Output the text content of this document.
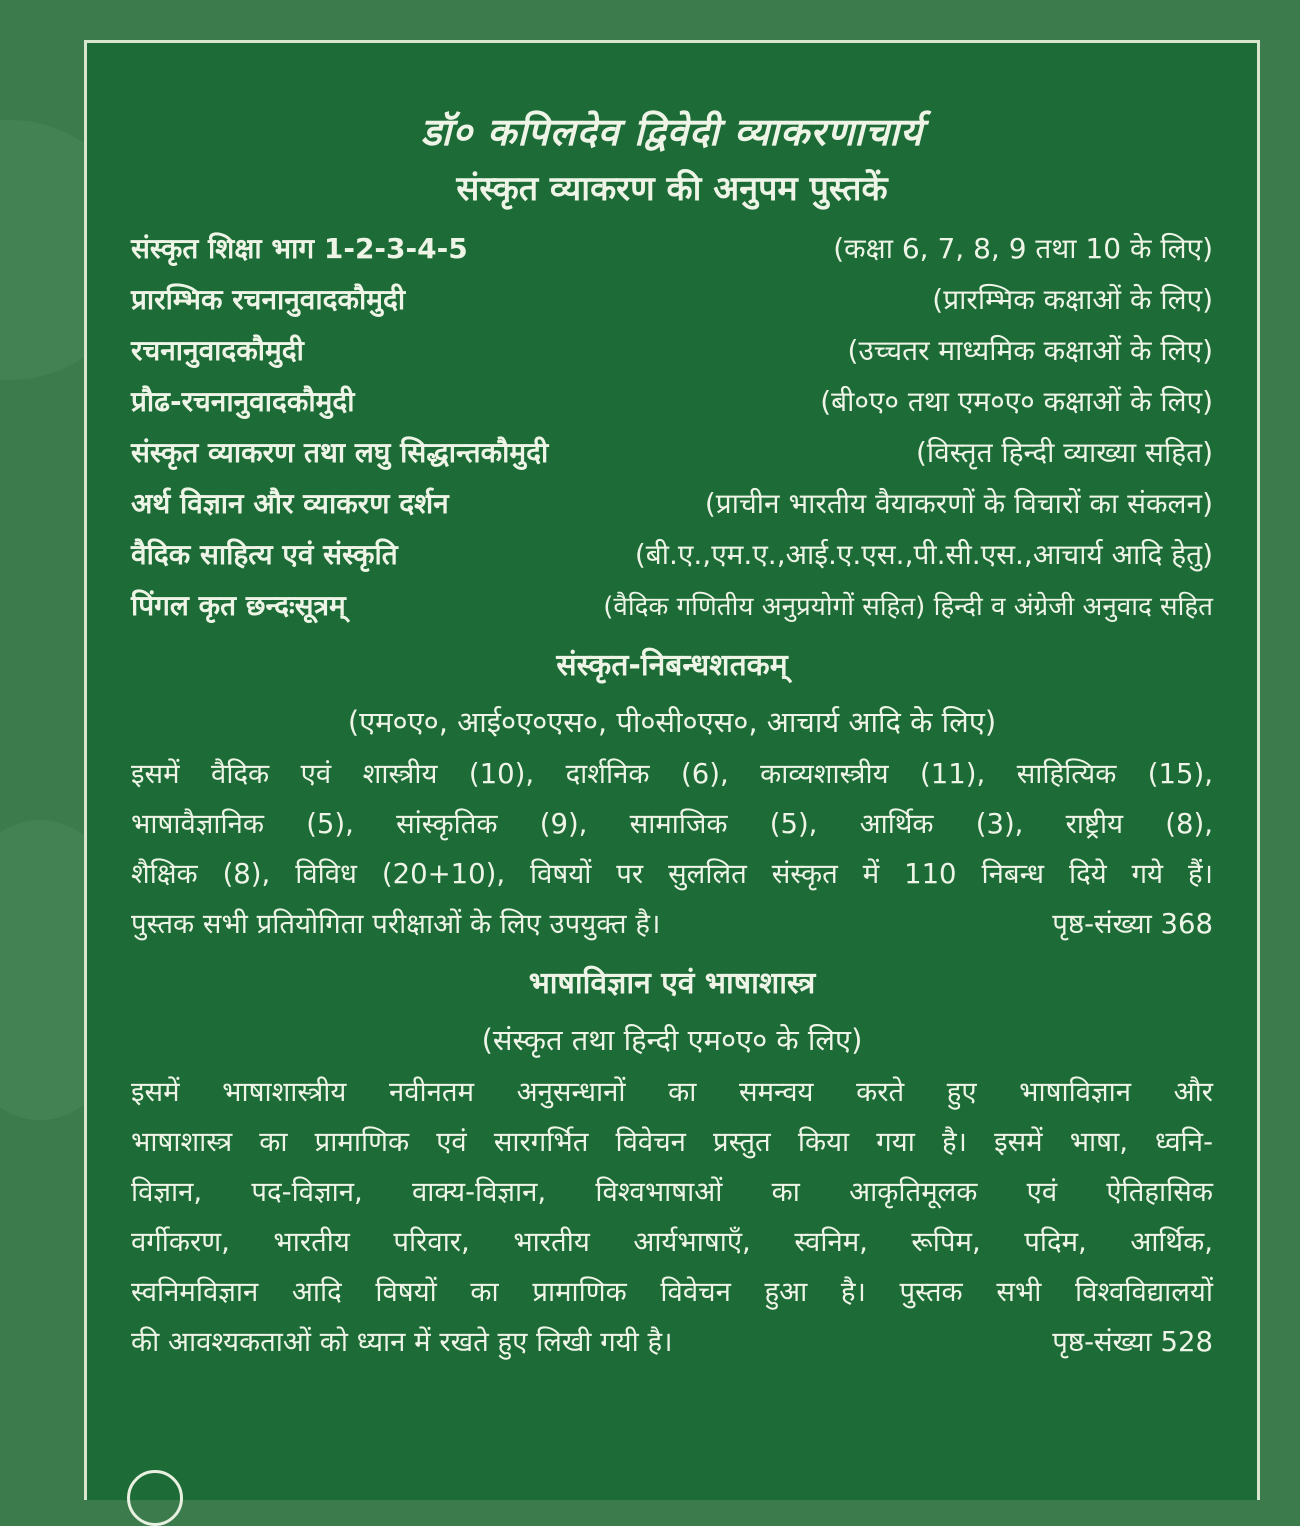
डॉ० कपिलदेव द्विवेदी व्याकरणाचार्य
संस्कृत व्याकरण की अनुपम पुस्तकें
संस्कृत शिक्षा भाग 1-2-3-4-5	(कक्षा 6, 7, 8, 9 तथा 10 के लिए)
प्रारम्भिक रचनानुवादकौमुदी	(प्रारम्भिक कक्षाओं के लिए)
रचनानुवादकौमुदी	(उच्चतर माध्यमिक कक्षाओं के लिए)
प्रौढ-रचनानुवादकौमुदी	(बी०ए० तथा एम०ए० कक्षाओं के लिए)
संस्कृत व्याकरण तथा लघु सिद्धान्तकौमुदी	(विस्तृत हिन्दी व्याख्या सहित)
अर्थ विज्ञान और व्याकरण दर्शन	(प्राचीन भारतीय वैयाकरणों के विचारों का संकलन)
वैदिक साहित्य एवं संस्कृति	(बी.ए.,एम.ए.,आई.ए.एस.,पी.सी.एस.,आचार्य आदि हेतु)
पिंगल कृत छन्दःसूत्रम्	(वैदिक गणितीय अनुप्रयोगों सहित) हिन्दी व अंग्रेजी अनुवाद सहित
संस्कृत-निबन्धशतकम्
(एम०ए०, आई०ए०एस०, पी०सी०एस०, आचार्य आदि के लिए)

इसमें वैदिक एवं शास्त्रीय (10), दार्शनिक (6), काव्यशास्त्रीय (11), साहित्यिक (15),

भाषावैज्ञानिक (5), सांस्कृतिक (9), सामाजिक (5), आर्थिक (3), राष्ट्रीय (8),

शैक्षिक (8), विविध (20+10), विषयों पर सुललित संस्कृत में 110 निबन्ध दिये गये हैं।

पुस्तक सभी प्रतियोगिता परीक्षाओं के लिए उपयुक्त है।	पृष्ठ-संख्या 368
भाषाविज्ञान एवं भाषाशास्त्र
(संस्कृत तथा हिन्दी एम०ए० के लिए)

इसमें भाषाशास्त्रीय नवीनतम अनुसन्धानों का समन्वय करते हुए भाषाविज्ञान और

भाषाशास्त्र का प्रामाणिक एवं सारगर्भित विवेचन प्रस्तुत किया गया है। इसमें भाषा, ध्वनि-

विज्ञान, पद-विज्ञान, वाक्य-विज्ञान, विश्वभाषाओं का आकृतिमूलक एवं ऐतिहासिक

वर्गीकरण, भारतीय परिवार, भारतीय आर्यभाषाएँ, स्वनिम, रूपिम, पदिम, आर्थिक,

स्वनिमविज्ञान आदि विषयों का प्रामाणिक विवेचन हुआ है। पुस्तक सभी विश्वविद्यालयों

की आवश्यकताओं को ध्यान में रखते हुए लिखी गयी है।	पृष्ठ-संख्या 528
